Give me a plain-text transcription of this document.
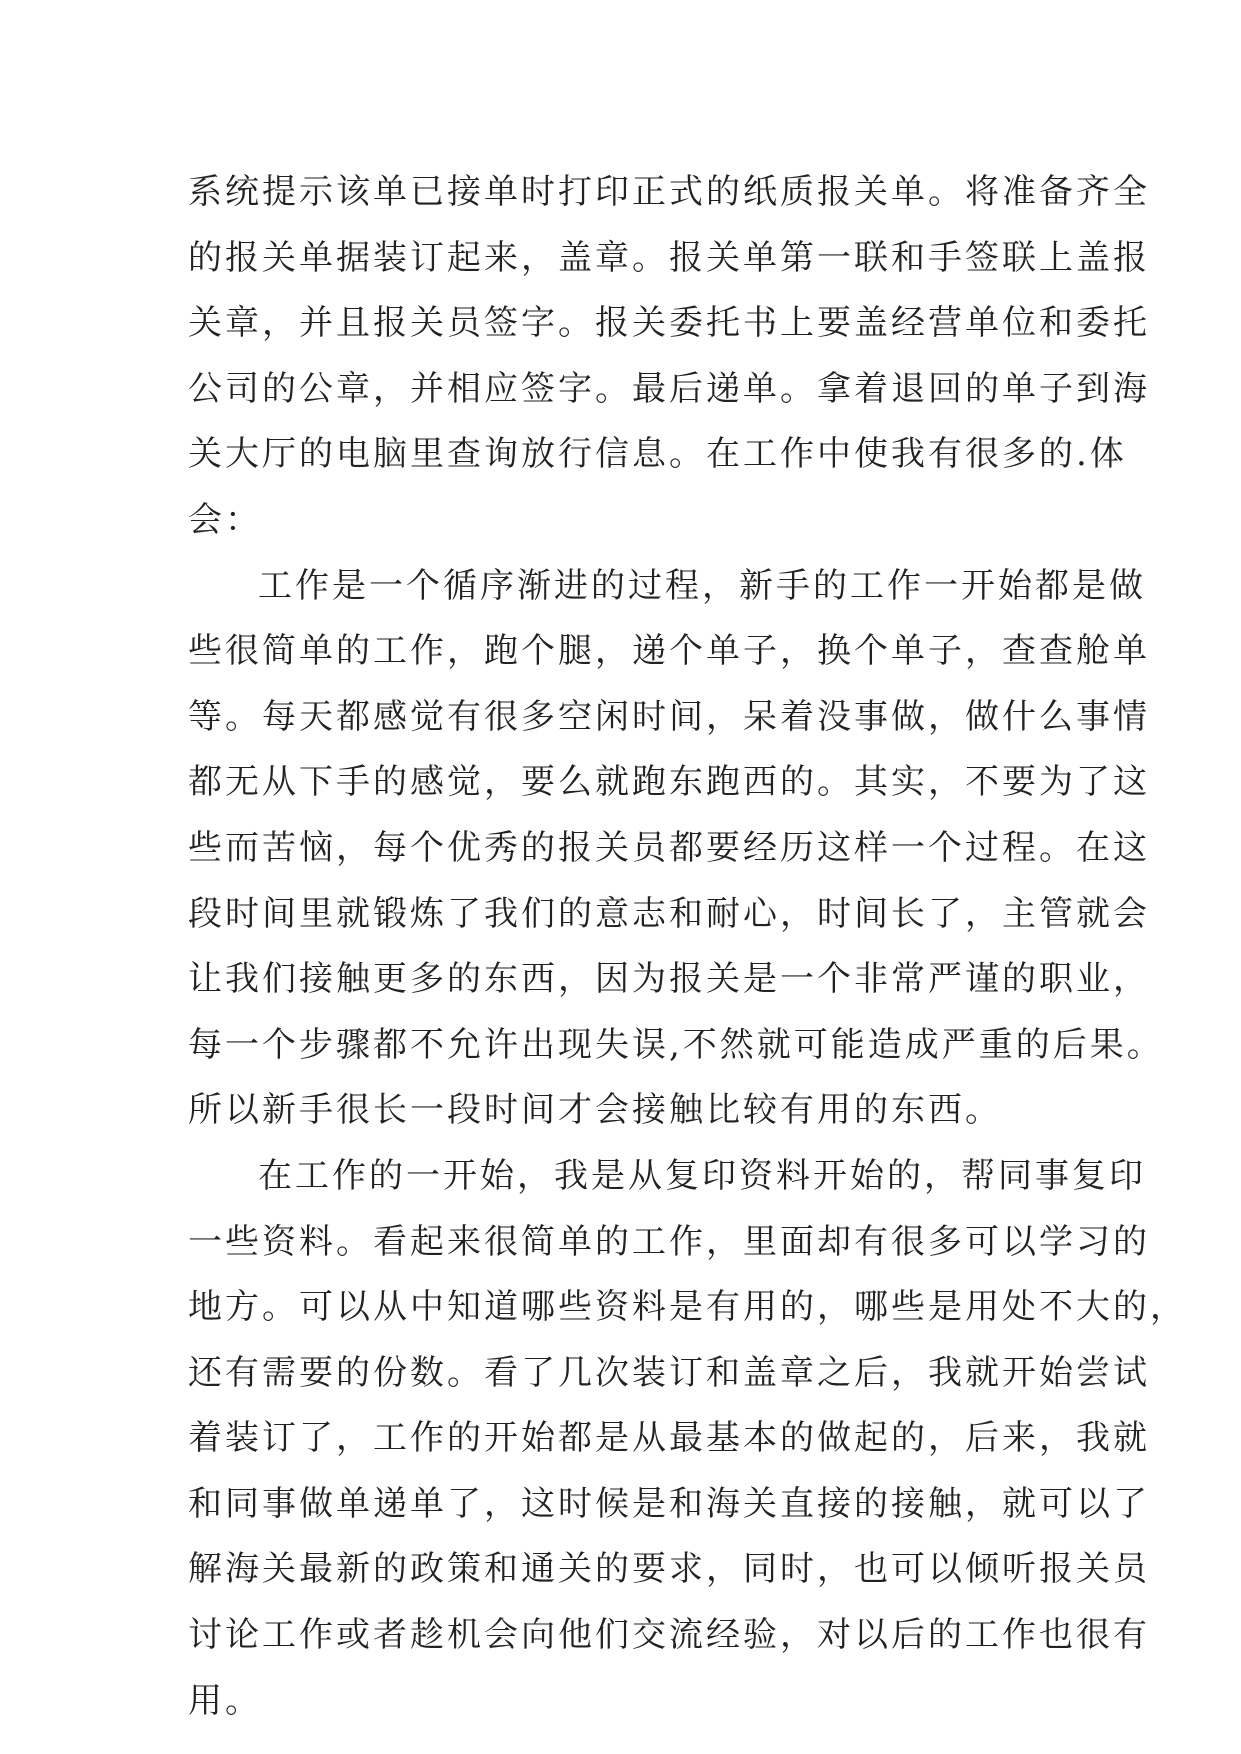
系统提示该单已接单时打印正式的纸质报关单。将准备齐全

的报关单据装订起来，盖章。报关单第一联和手签联上盖报

关章，并且报关员签字。报关委托书上要盖经营单位和委托

公司的公章，并相应签字。最后递单。拿着退回的单子到海

关大厅的电脑里查询放行信息。在工作中使我有很多的.体

会：

工作是一个循序渐进的过程，新手的工作一开始都是做

些很简单的工作，跑个腿，递个单子，换个单子，查查舱单

等。每天都感觉有很多空闲时间，呆着没事做，做什么事情

都无从下手的感觉，要么就跑东跑西的。其实，不要为了这

些而苦恼，每个优秀的报关员都要经历这样一个过程。在这

段时间里就锻炼了我们的意志和耐心，时间长了，主管就会

让我们接触更多的东西，因为报关是一个非常严谨的职业，

每一个步骤都不允许出现失误,不然就可能造成严重的后果。

所以新手很长一段时间才会接触比较有用的东西。

在工作的一开始，我是从复印资料开始的，帮同事复印

一些资料。看起来很简单的工作，里面却有很多可以学习的

地方。可以从中知道哪些资料是有用的，哪些是用处不大的，

还有需要的份数。看了几次装订和盖章之后，我就开始尝试

着装订了，工作的开始都是从最基本的做起的，后来，我就

和同事做单递单了，这时候是和海关直接的接触，就可以了

解海关最新的政策和通关的要求，同时，也可以倾听报关员

讨论工作或者趁机会向他们交流经验，对以后的工作也很有

用。
